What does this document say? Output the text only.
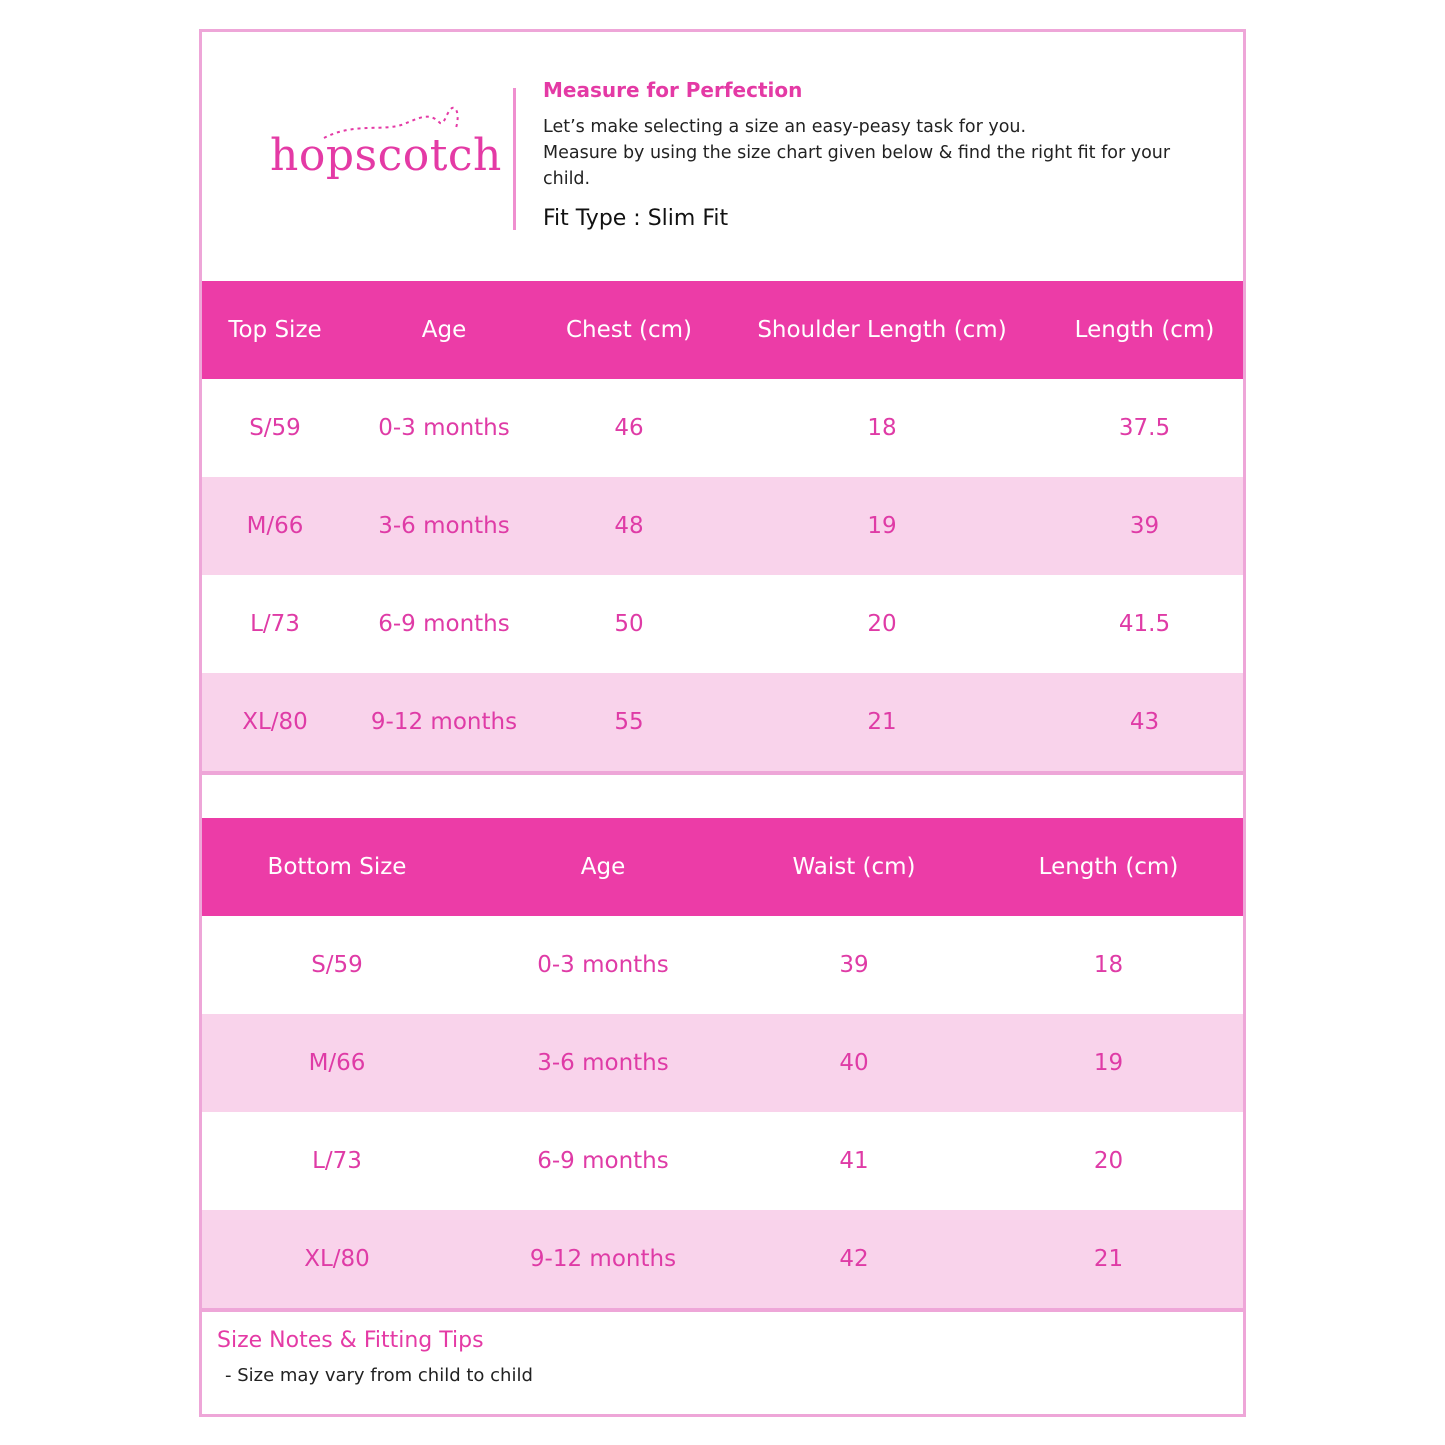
hopscotch
Measure for Perfection
Let’s make selecting a size an easy-peasy task for you.
Measure by using the size chart given below & find the right fit for your child.
Fit Type : Slim Fit
Top Size	Age	Chest (cm)	Shoulder Length (cm)	Length (cm)
S/59	0-3 months	46	18	37.5
M/66	3-6 months	48	19	39
L/73	6-9 months	50	20	41.5
XL/80	9-12 months	55	21	43
Bottom Size	Age	Waist (cm)	Length (cm)
S/59	0-3 months	39	18
M/66	3-6 months	40	19
L/73	6-9 months	41	20
XL/80	9-12 months	42	21
Size Notes & Fitting Tips
- Size may vary from child to child
